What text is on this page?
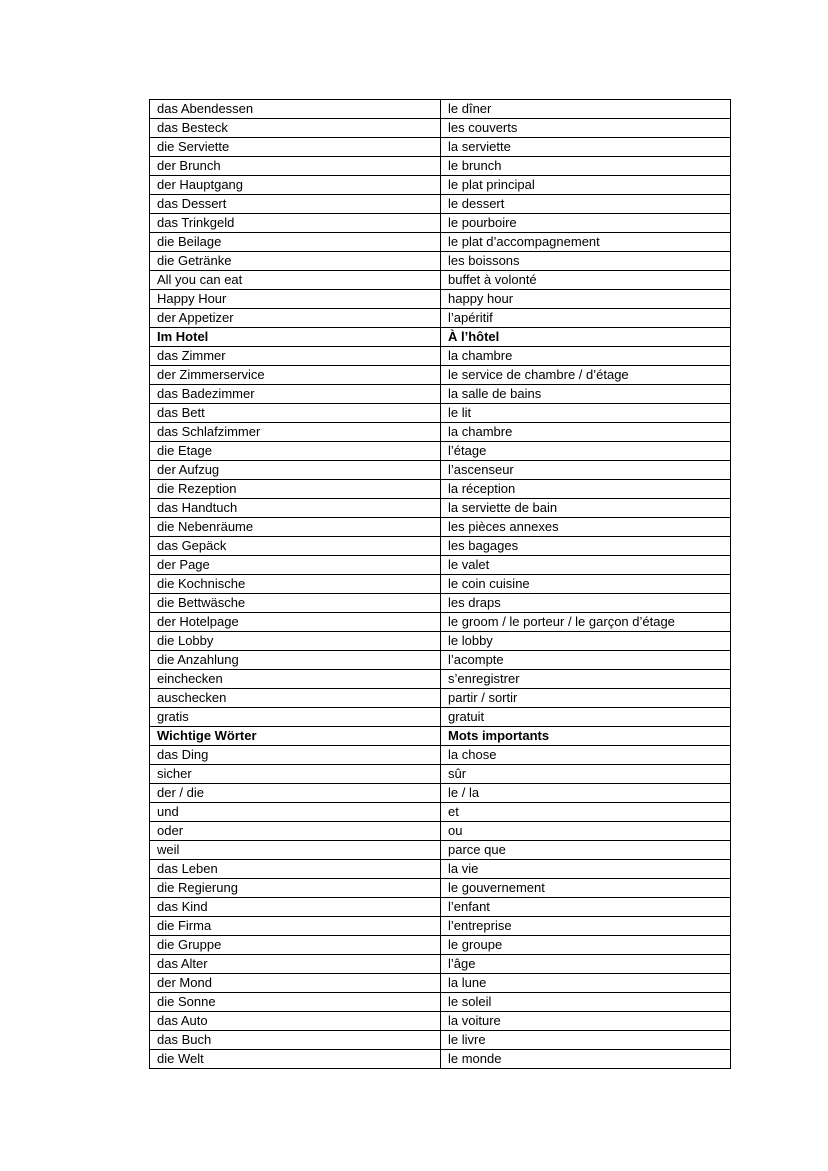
das Abendessen	le dîner
das Besteck	les couverts
die Serviette	la serviette
der Brunch	le brunch
der Hauptgang	le plat principal
das Dessert	le dessert
das Trinkgeld	le pourboire
die Beilage	le plat d’accompagnement
die Getränke	les boissons
All you can eat	buffet à volonté
Happy Hour	happy hour
der Appetizer	l’apéritif
Im Hotel	À l’hôtel
das Zimmer	la chambre
der Zimmerservice	le service de chambre / d’étage
das Badezimmer	la salle de bains
das Bett	le lit
das Schlafzimmer	la chambre
die Etage	l’étage
der Aufzug	l’ascenseur
die Rezeption	la réception
das Handtuch	la serviette de bain
die Nebenräume	les pièces annexes
das Gepäck	les bagages
der Page	le valet
die Kochnische	le coin cuisine
die Bettwäsche	les draps
der Hotelpage	le groom / le porteur / le garçon d’étage
die Lobby	le lobby
die Anzahlung	l’acompte
einchecken	s’enregistrer
auschecken	partir / sortir
gratis	gratuit
Wichtige Wörter	Mots importants
das Ding	la chose
sicher	sûr
der / die	le / la
und	et
oder	ou
weil	parce que
das Leben	la vie
die Regierung	le gouvernement
das Kind	l’enfant
die Firma	l’entreprise
die Gruppe	le groupe
das Alter	l’âge
der Mond	la lune
die Sonne	le soleil
das Auto	la voiture
das Buch	le livre
die Welt	le monde
